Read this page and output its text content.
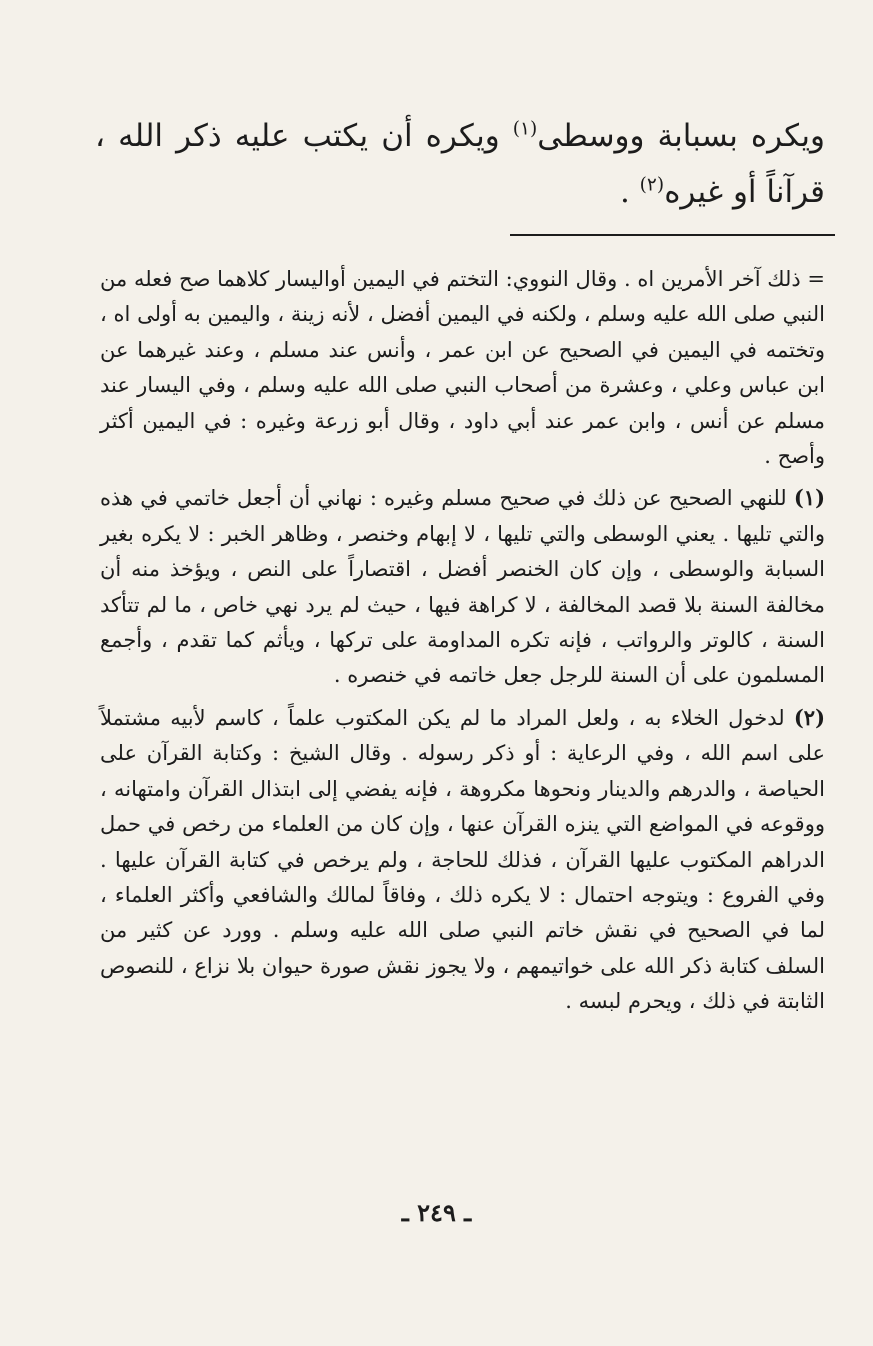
ويكره بسبابة ووسطى$^{(١)}$ ويكره أن يكتب عليه ذكر الله ، قرآناً أو غيره$^{(٢)}$ .

= ذلك آخر الأمرين اه . وقال النووي: التختم في اليمين أواليسار كلاهما صح فعله من النبي صلى الله عليه وسلم ، ولكنه في اليمين أفضل ، لأنه زينة ، واليمين به أولى اه ، وتختمه في اليمين في الصحيح عن ابن عمر ، وأنس عند مسلم ، وعند غيرهما عن ابن عباس وعلي ، وعشرة من أصحاب النبي صلى الله عليه وسلم ، وفي اليسار عند مسلم عن أنس ، وابن عمر عند أبي داود ، وقال أبو زرعة وغيره : في اليمين أكثر وأصح .

(١) للنهي الصحيح عن ذلك في صحيح مسلم وغيره : نهاني أن أجعل خاتمي في هذه والتي تليها . يعني الوسطى والتي تليها ، لا إبهام وخنصر ، وظاهر الخبر : لا يكره بغير السبابة والوسطى ، وإن كان الخنصر أفضل ، اقتصاراً على النص ، ويؤخذ منه أن مخالفة السنة بلا قصد المخالفة ، لا كراهة فيها ، حيث لم يرد نهي خاص ، ما لم تتأكد السنة ، كالوتر والرواتب ، فإنه تكره المداومة على تركها ، ويأثم كما تقدم ، وأجمع المسلمون على أن السنة للرجل جعل خاتمه في خنصره .

(٢) لدخول الخلاء به ، ولعل المراد ما لم يكن المكتوب علماً ، كاسم لأبيه مشتملاً على اسم الله ، وفي الرعاية : أو ذكر رسوله . وقال الشيخ : وكتابة القرآن على الحياصة ، والدرهم والدينار ونحوها مكروهة ، فإنه يفضي إلى ابتذال القرآن وامتهانه ، ووقوعه في المواضع التي ينزه القرآن عنها ، وإن كان من العلماء من رخص في حمل الدراهم المكتوب عليها القرآن ، فذلك للحاجة ، ولم يرخص في كتابة القرآن عليها . وفي الفروع : ويتوجه احتمال : لا يكره ذلك ، وفاقاً لمالك والشافعي وأكثر العلماء ، لما في الصحيح في نقش خاتم النبي صلى الله عليه وسلم . وورد عن كثير من السلف كتابة ذكر الله على خواتيمهم ، ولا يجوز نقش صورة حيوان بلا نزاع ، للنصوص الثابتة في ذلك ، ويحرم لبسه .

ـ ٢٤٩ ـ
